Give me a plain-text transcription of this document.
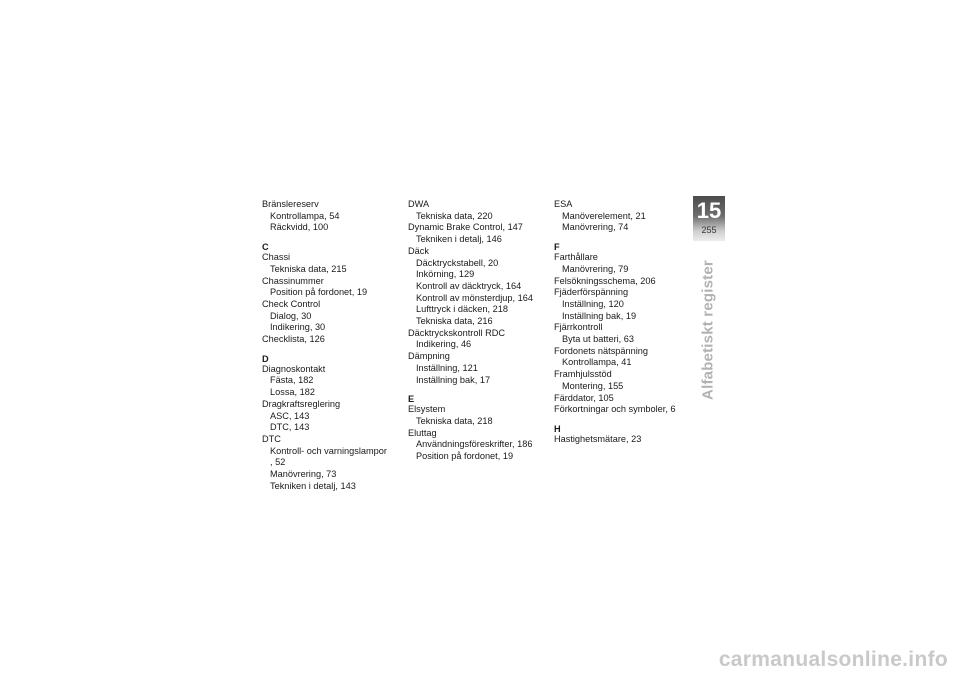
Bränslereserv
Kontrollampa, 54
Räckvidd, 100
C
Chassi
Tekniska data, 215
Chassinummer
Position på fordonet, 19
Check Control
Dialog, 30
Indikering, 30
Checklista, 126
D
Diagnoskontakt
Fästa, 182
Lossa, 182
Dragkraftsreglering
ASC, 143
DTC, 143
DTC
Kontroll- och varningslampor
, 52
Manövrering, 73
Tekniken i detalj, 143
DWA
Tekniska data, 220
Dynamic Brake Control, 147
Tekniken i detalj, 146
Däck
Däcktryckstabell, 20
Inkörning, 129
Kontroll av däcktryck, 164
Kontroll av mönsterdjup, 164
Lufttryck i däcken, 218
Tekniska data, 216
Däcktryckskontroll RDC
Indikering, 46
Dämpning
Inställning, 121
Inställning bak, 17
E
Elsystem
Tekniska data, 218
Eluttag
Användningsföreskrifter, 186
Position på fordonet, 19
ESA
Manöverelement, 21
Manövrering, 74
F
Farthållare
Manövrering, 79
Felsökningsschema, 206
Fjäderförspänning
Inställning, 120
Inställning bak, 19
Fjärrkontroll
Byta ut batteri, 63
Fordonets nätspänning
Kontrollampa, 41
Framhjulsstöd
Montering, 155
Färddator, 105
Förkortningar och symboler, 6
H
Hastighetsmätare, 23
15
255
Alfabetiskt register
carmanualsonline.info
